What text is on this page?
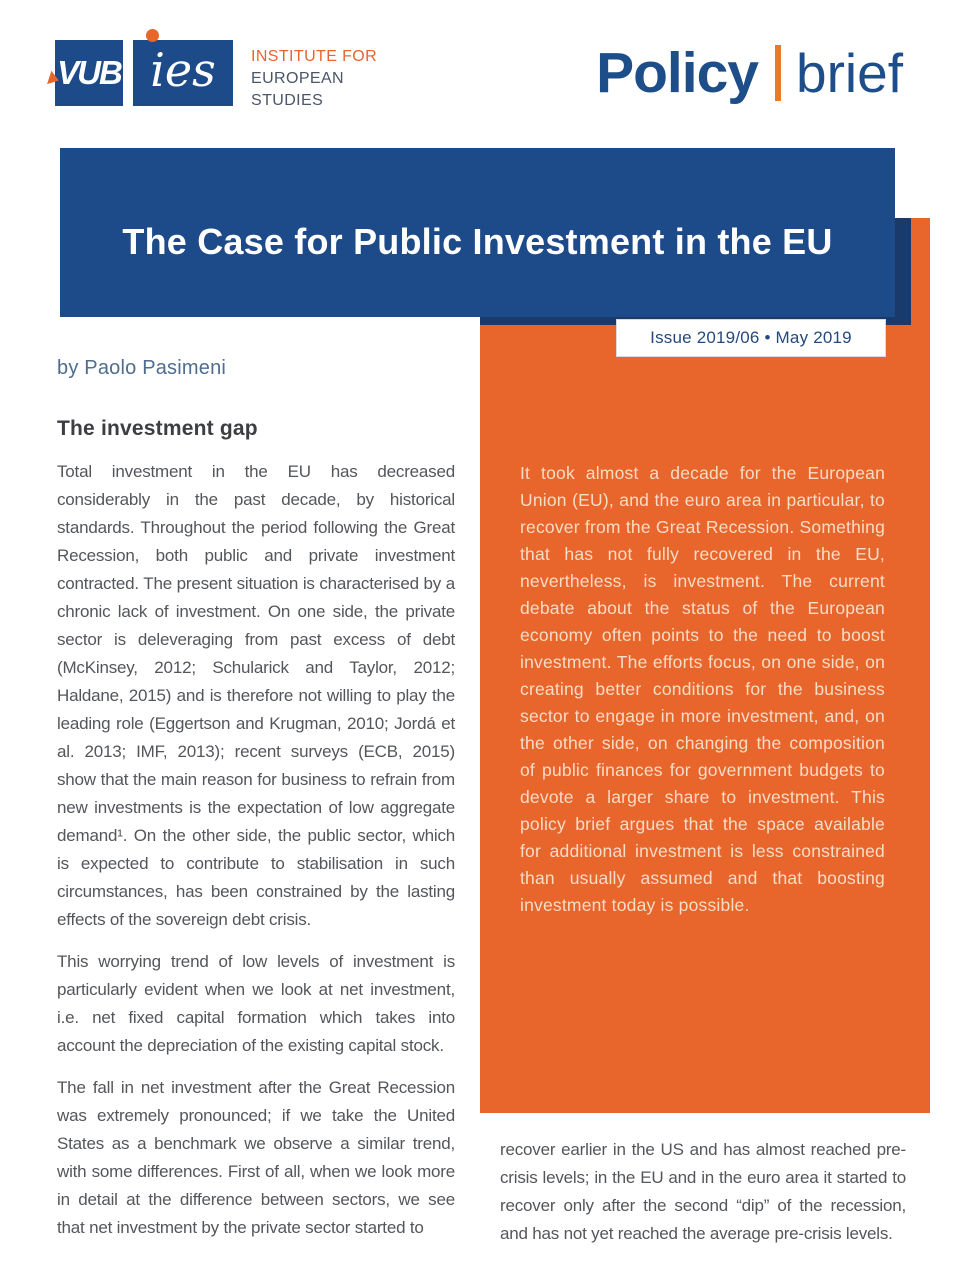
VUB ies INSTITUTE FOR
EUROPEAN
STUDIES	Policy brief

It took almost a decade for the European Union (EU), and the euro area in particular, to recover from the Great Recession. Something that has not fully recovered in the EU, nevertheless, is investment. The current debate about the status of the European economy often points to the need to boost investment. The efforts focus, on one side, on creating better conditions for the business sector to engage in more investment, and, on the other side, on changing the composition of public finances for government budgets to devote a larger share to investment. This policy brief argues that the space available for additional investment is less constrained than usually assumed and that boosting investment today is possible.

The Case for Public Investment in the EU
Issue 2019/06 • May 2019
by Paolo Pasimeni
The investment gap

Total investment in the EU has decreased considerably in the past decade, by historical standards. Throughout the period following the Great Recession, both public and private investment contracted. The present situation is characterised by a chronic lack of investment. On one side, the private sector is deleveraging from past excess of debt (McKinsey, 2012; Schularick and Taylor, 2012; Haldane, 2015) and is therefore not willing to play the leading role (Eggertson and Krugman, 2010; Jordá et al. 2013; IMF, 2013); recent surveys (ECB, 2015) show that the main reason for business to refrain from new investments is the expectation of low aggregate demand¹. On the other side, the public sector, which is expected to contribute to stabilisation in such circumstances, has been constrained by the lasting effects of the sovereign debt crisis.

This worrying trend of low levels of investment is particularly evident when we look at net investment, i.e. net fixed capital formation which takes into account the depreciation of the existing capital stock.

The fall in net investment after the Great Recession was extremely pronounced; if we take the United States as a benchmark we observe a similar trend, with some differences. First of all, when we look more in detail at the difference between sectors, we see that net investment by the private sector started to

recover earlier in the US and has almost reached pre-crisis levels; in the EU and in the euro area it started to recover only after the second “dip” of the recession, and has not yet reached the average pre-crisis levels.
